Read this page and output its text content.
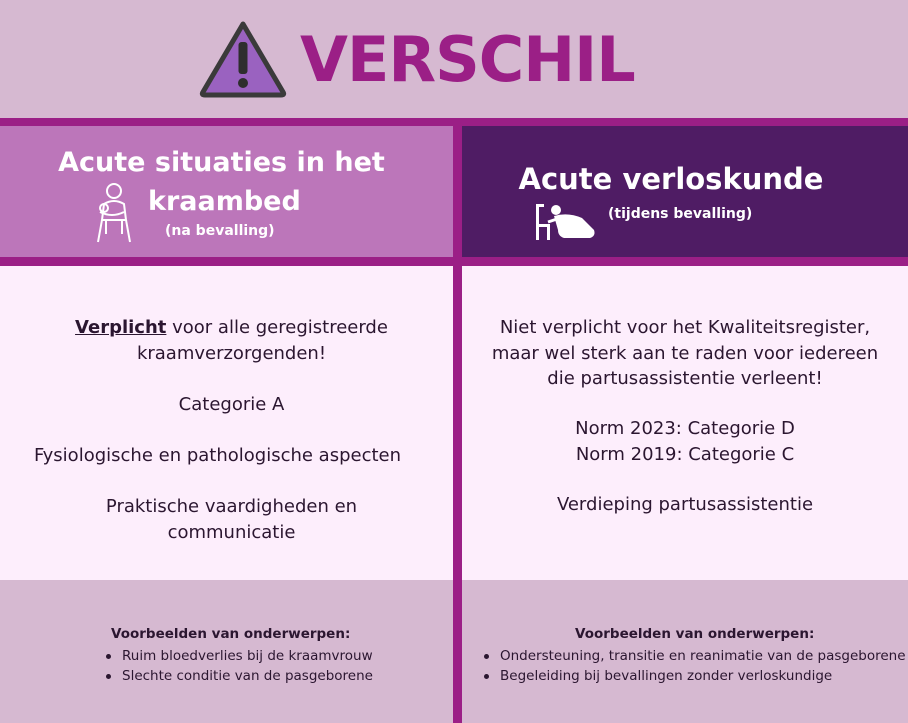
VERSCHIL
Acute situaties in het
kraambed
(na bevalling)
Acute verloskunde
(tijdens bevalling)
Verplicht voor alle geregistreerde
kraamverzorgenden!
Categorie A
Fysiologische en pathologische aspecten
Praktische vaardigheden en
communicatie
Niet verplicht voor het Kwaliteitsregister,
maar wel sterk aan te raden voor iedereen
die partusassistentie verleent!
Norm 2023: Categorie D
Norm 2019: Categorie C
Verdieping partusassistentie
Voorbeelden van onderwerpen:
Ruim bloedverlies bij de kraamvrouw
Slechte conditie van de pasgeborene
Voorbeelden van onderwerpen:
Ondersteuning, transitie en reanimatie van de pasgeborene
Begeleiding bij bevallingen zonder verloskundige
